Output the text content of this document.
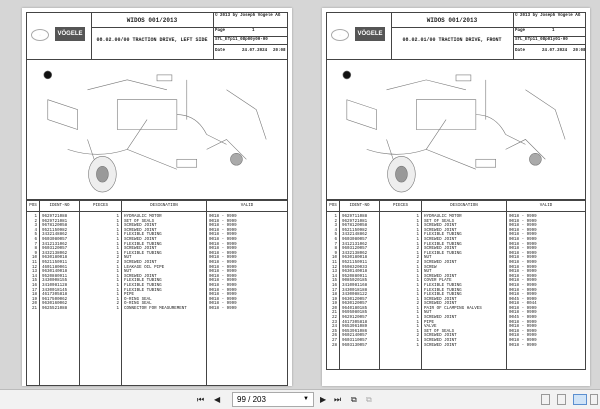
◦	VÖGELE
WIDOS 001/2013
© 2013 by Joseph Vögele AG
08.02.00/00 TRACTION DRIVE, LEFT SIDE
Page	1
STL_ETp11_08p00y00-00
Date	24.07.2024 20:08
POS	IDENT-NO	PIECES	DESIGNATION	VALID
1	9629721088	1	HYDRAULIC MOTOR	0018 - 9999
2	9629721081	1	SET OF SEALS	0018 - 9999
3	9678120058	1	SCREWED JOINT	0018 - 9999
4	9521150982	1	SCREWED JOINT	0018 - 9999
5	3432148862	1	FLEXIBLE TUBING	0018 - 9999
6	9603080057	1	SCREWED JOINT	0018 - 9999
7	3412131062	1	FLEXIBLE TUBING	0018 - 9999
8	9603120057	1	SCREWED JOINT	0018 - 9999
9	3432138062	1	FLEXIBLE TUBING	0018 - 9999
10	9630180018	2	NUT	0018 - 9999
11	9521150911	2	SCREWED JOINT	0018 - 9999
12	4601180061	1	LEAKAGE OIL PIPE	0018 - 9999
13	9630140018	1	NUT	0018 - 9999
14	9520880911	1	SCREWED JOINT	0018 - 9999
15	3430008155	1	FLEXIBLE TUBING	0018 - 9999
16	3410081128	1	FLEXIBLE TUBING	0018 - 9999
17	3430018145	1	FLEXIBLE TUBING	0018 - 9999
18	4617305818	1	PIPE	0018 - 9999
19	9617500062	1	O-RING SEAL	0018 - 9999
20	9630160062	2	O-RING SEAL	0018 - 9999
21	9625521088	1	CONNECTOR FOR MEASUREMENT	0018 - 9999
◦	VÖGELE
WIDOS 001/2013
© 2013 by Joseph Vögele AG
08.02.01/00 TRACTION DRIVE, FRONT
Page	1
STL_ETp11_08p01y01-00
Date	24.07.2024 20:08
POS	IDENT-NO	PIECES	DESIGNATION	VALID
1	9629711088	1	HYDRAULIC MOTOR	0018 - 9999
2	9629721081	1	SET OF SEALS	0018 - 9999
3	9678120058	1	SCREWED JOINT	0018 - 9999
4	9521150982	1	SCREWED JOINT	0018 - 9999
5	3432148862	1	FLEXIBLE TUBING	0018 - 9999
6	9603080057	1	SCREWED JOINT	0018 - 9999
7	3412131062	1	FLEXIBLE TUBING	0018 - 9999
8	9603120057	2	SCREWED JOINT	0018 - 9999
9	3432138062	1	FLEXIBLE TUBING	0018 - 9999
10	9630180018	2	NUT	0018 - 9999
11	9521150911	2	SCREWED JOINT	0018 - 9999
12	9508320033	1	SCREW	0018 - 9999
13	9630140018	1	NUT	0018 - 9999
14	9520880911	1	SCREWED JOINT	0018 - 9999
15	9085020185	1	COVER PLATE	0018 - 9999
16	3410081168	1	FLEXIBLE TUBING	0018 - 9999
17	3430018188	1	FLEXIBLE TUBING	0018 - 9999
18	3430088122	1	FLEXIBLE TUBING	0018 - 9999
19	9630120057	1	SCREWED JOINT	0045 - 9999
19	9630120057	2	SCREWED JOINT	0018 - 0044
20	9640180185	1	PAIR OF CLAMPING HALVES	0018 - 9999
21	9695080185	1	NUT	0018 - 9999
22	9629120057	1	SCREWED JOINT	0045 - 9999
23	4617305818	1	PIPE	0018 - 9999
24	9653961089	1	VALVE	0018 - 9999
25	9653961086	1	SET OF SEALS	0018 - 9999
26	9602140057	2	SCREWED JOINT	0018 - 9999
27	9603110057	1	SCREWED JOINT	0018 - 9999
28	9603130057	1	SCREWED JOINT	0018 - 9999
⏮ ◀	99 / 203	▼ ▶ ⏭ ⧉ ⧉
